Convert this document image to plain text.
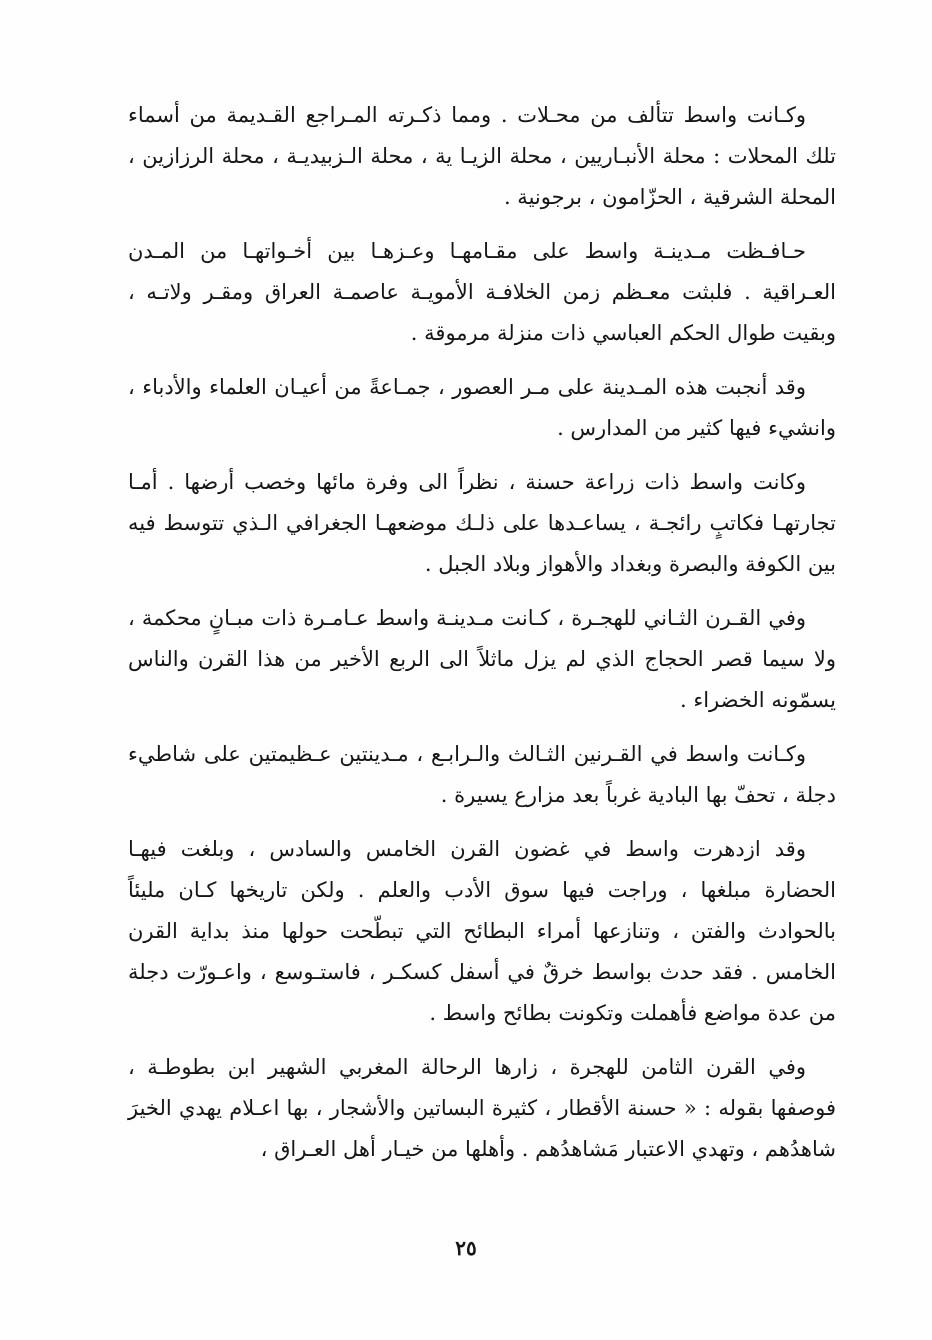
وكـانت واسط تتألف من محـلات . ومما ذكـرته المـراجع القـديمة من أسماء تلك المحلات : محلة الأنبـاريين ، محلة الزيـا ية ، محلة الـزبيديـة ، محلة الرزازين ، المحلة الشرقية ، الحزّامون ، برجونية .

حـافـظت مـدينـة واسط على مقـامهـا وعـزهـا بين أخـواتهـا من المـدن العـراقية . فلبثت معـظم زمن الخلافـة الأمويـة عاصمـة العراق ومقـر ولاتـه ، وبقيت طوال الحكم العباسي ذات منزلة مرموقة .

وقد أنجبت هذه المـدينة على مـر العصور ، جمـاعةً من أعيـان العلماء والأدباء ، وانشيء فيها كثير من المدارس .

وكانت واسط ذات زراعة حسنة ، نظراً الى وفرة مائها وخصب أرضها . أمـا تجارتهـا فكاتبٍ رائجـة ، يساعـدها على ذلـك موضعهـا الجغرافي الـذي تتوسط فيه بين الكوفة والبصرة وبغداد والأهواز وبلاد الجبل .

وفي القـرن الثـاني للهجـرة ، كـانت مـدينـة واسط عـامـرة ذات مبـانٍ محكمة ، ولا سيما قصر الحجاج الذي لم يزل ماثلاً الى الربع الأخير من هذا القرن والناس يسمّونه الخضراء .

وكـانت واسط في القـرنين الثـالث والـرابـع ، مـدينتين عـظيمتين على شاطيء دجلة ، تحفّ بها البادية غرباً بعد مزارع يسيرة .

وقد ازدهرت واسط في غضون القرن الخامس والسادس ، وبلغت فيهـا الحضارة مبلغها ، وراجت فيها سوق الأدب والعلم . ولكن تاريخها كـان مليئاً بالحوادث والفتن ، وتنازعها أمراء البطائح التي تبطّحت حولها منذ بداية القرن الخامس . فقد حدث بواسط خرقٌ في أسفل كسكـر ، فاستـوسع ، واعـورّت دجلة من عدة مواضع فأهملت وتكونت بطائح واسط .

وفي القرن الثامن للهجرة ، زارها الرحالة المغربي الشهير ابن بطوطـة ، فوصفها بقوله : « حسنة الأقطار ، كثيرة البساتين والأشجار ، بها اعـلام يهدي الخيرَ شاهدُهم ، وتهدي الاعتبار مَشاهدُهم . وأهلها من خيـار أهل العـراق ،

٢٥
